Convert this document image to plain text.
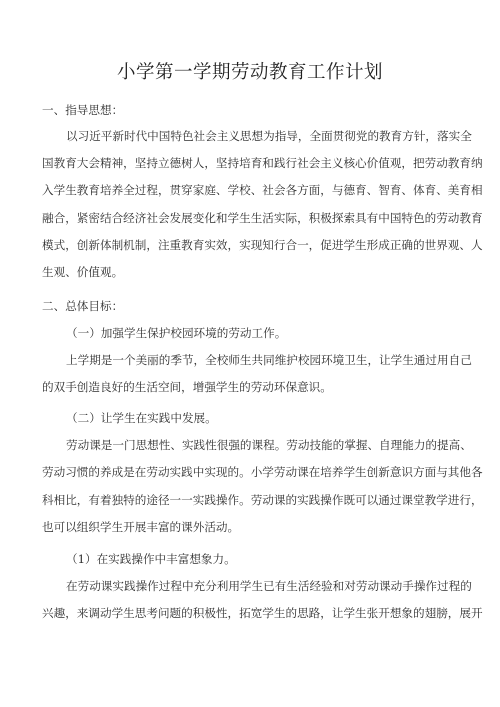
小学第一学期劳动教育工作计划
一、指导思想：
以习近平新时代中国特色社会主义思想为指导，全面贯彻党的教育方针，落实全
国教育大会精神，坚持立德树人，坚持培育和践行社会主义核心价值观，把劳动教育纳
入学生教育培养全过程，贯穿家庭、学校、社会各方面，与德育、智育、体育、美育相
融合，紧密结合经济社会发展变化和学生生活实际，积极探索具有中国特色的劳动教育
模式，创新体制机制，注重教育实效，实现知行合一，促进学生形成正确的世界观、人
生观、价值观。
二、总体目标：
（一）加强学生保护校园环境的劳动工作。
上学期是一个美丽的季节，全校师生共同维护校园环境卫生，让学生通过用自己
的双手创造良好的生活空间，增强学生的劳动环保意识。
（二）让学生在实践中发展。
劳动课是一门思想性、实践性很强的课程。劳动技能的掌握、自理能力的提高、
劳动习惯的养成是在劳动实践中实现的。小学劳动课在培养学生创新意识方面与其他各
科相比，有着独特的途径一一实践操作。劳动课的实践操作既可以通过课堂教学进行，
也可以组织学生开展丰富的课外活动。
（1）在实践操作中丰富想象力。
在劳动课实践操作过程中充分利用学生已有生活经验和对劳动课动手操作过程的
兴趣，来调动学生思考问题的积极性，拓宽学生的思路，让学生张开想象的翅膀，展开
